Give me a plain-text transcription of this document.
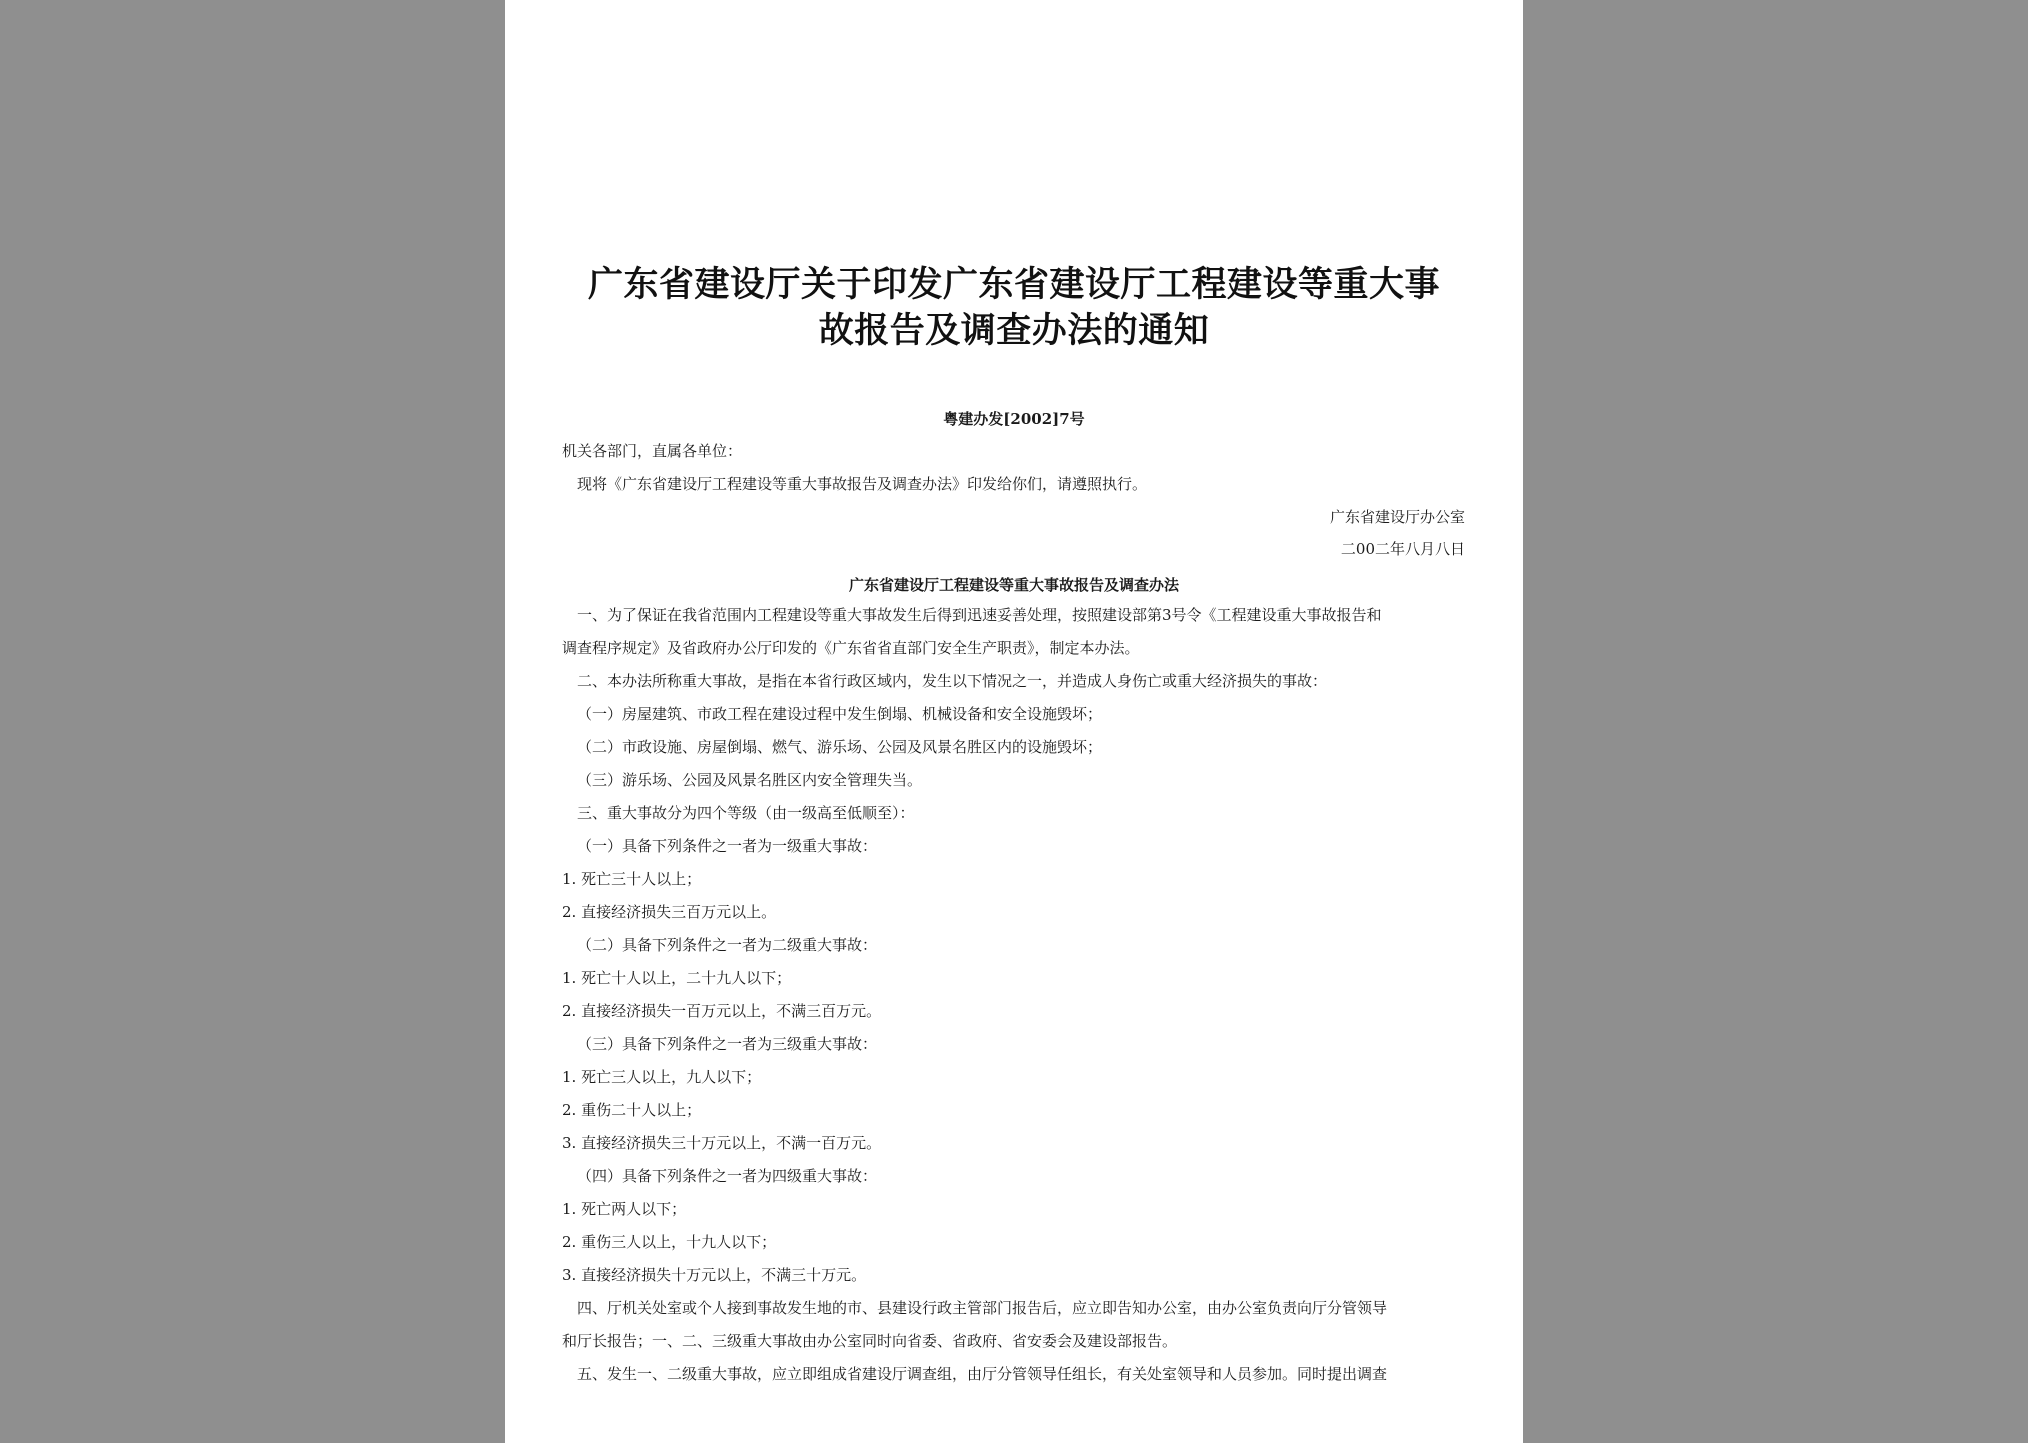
广东省建设厅关于印发广东省建设厅工程建设等重大事
故报告及调查办法的通知
粤建办发[2002]7号
机关各部门，直属各单位：
现将《广东省建设厅工程建设等重大事故报告及调查办法》印发给你们，请遵照执行。
广东省建设厅办公室
二00二年八月八日
广东省建设厅工程建设等重大事故报告及调查办法
一、为了保证在我省范围内工程建设等重大事故发生后得到迅速妥善处理，按照建设部第3号令《工程建设重大事故报告和
调查程序规定》及省政府办公厅印发的《广东省省直部门安全生产职责》，制定本办法。
二、本办法所称重大事故，是指在本省行政区域内，发生以下情况之一，并造成人身伤亡或重大经济损失的事故：
（一）房屋建筑、市政工程在建设过程中发生倒塌、机械设备和安全设施毁坏；
（二）市政设施、房屋倒塌、燃气、游乐场、公园及风景名胜区内的设施毁坏；
（三）游乐场、公园及风景名胜区内安全管理失当。
三、重大事故分为四个等级（由一级高至低顺至）：
（一）具备下列条件之一者为一级重大事故：
1. 死亡三十人以上；
2. 直接经济损失三百万元以上。
（二）具备下列条件之一者为二级重大事故：
1. 死亡十人以上，二十九人以下；
2. 直接经济损失一百万元以上，不满三百万元。
（三）具备下列条件之一者为三级重大事故：
1. 死亡三人以上，九人以下；
2. 重伤二十人以上；
3. 直接经济损失三十万元以上，不满一百万元。
（四）具备下列条件之一者为四级重大事故：
1. 死亡两人以下；
2. 重伤三人以上，十九人以下；
3. 直接经济损失十万元以上，不满三十万元。
四、厅机关处室或个人接到事故发生地的市、县建设行政主管部门报告后，应立即告知办公室，由办公室负责向厅分管领导
和厅长报告；一、二、三级重大事故由办公室同时向省委、省政府、省安委会及建设部报告。
五、发生一、二级重大事故，应立即组成省建设厅调查组，由厅分管领导任组长，有关处室领导和人员参加。同时提出调查
